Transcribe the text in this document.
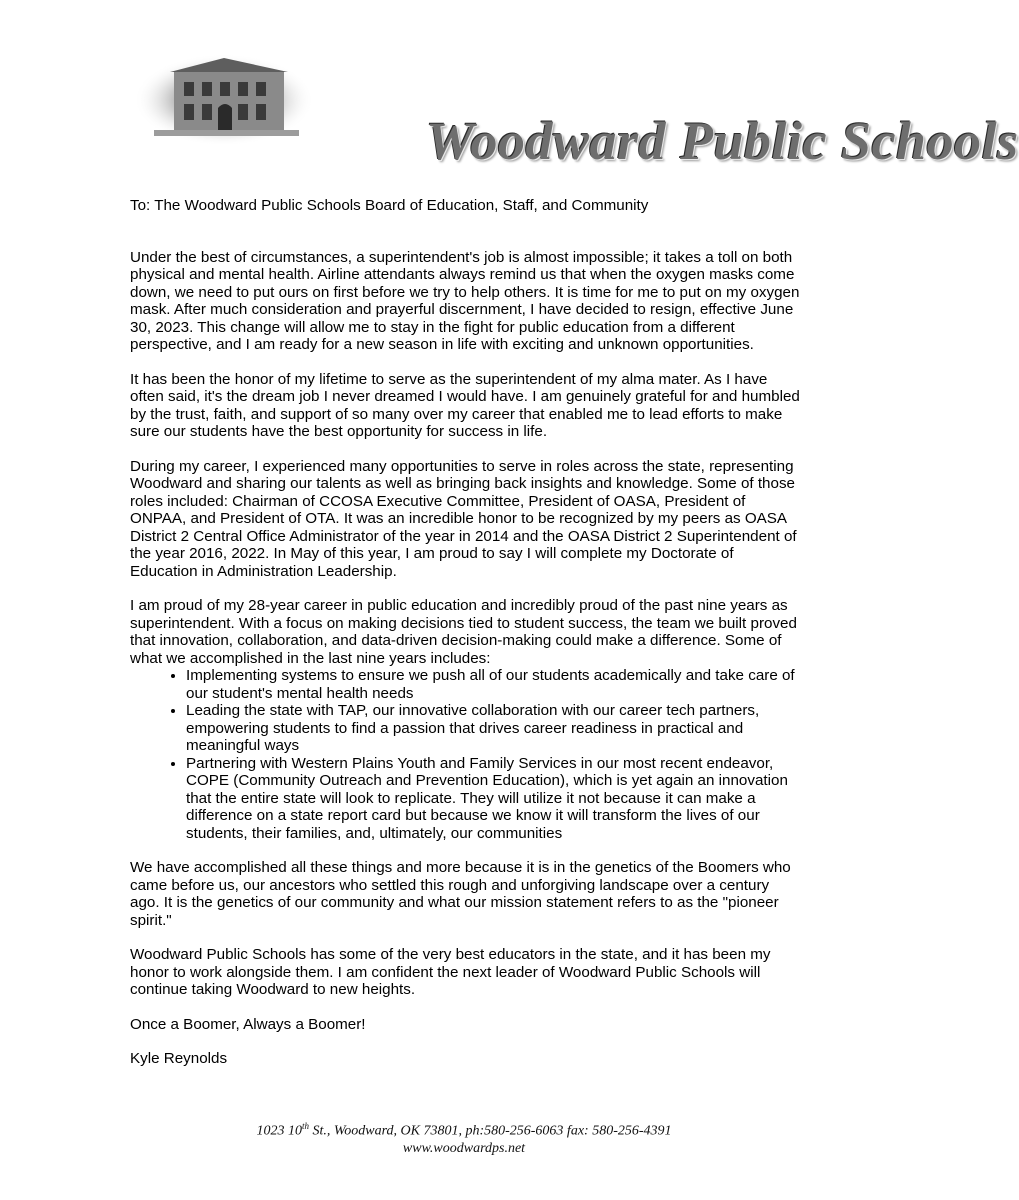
Woodward Public Schools
To: The Woodward Public Schools Board of Education, Staff, and Community

Under the best of circumstances, a superintendent's job is almost impossible; it takes a toll on both physical and mental health. Airline attendants always remind us that when the oxygen masks come down, we need to put ours on first before we try to help others. It is time for me to put on my oxygen mask. After much consideration and prayerful discernment, I have decided to resign, effective June 30, 2023. This change will allow me to stay in the fight for public education from a different perspective, and I am ready for a new season in life with exciting and unknown opportunities.

It has been the honor of my lifetime to serve as the superintendent of my alma mater. As I have often said, it's the dream job I never dreamed I would have. I am genuinely grateful for and humbled by the trust, faith, and support of so many over my career that enabled me to lead efforts to make sure our students have the best opportunity for success in life.

During my career, I experienced many opportunities to serve in roles across the state, representing Woodward and sharing our talents as well as bringing back insights and knowledge. Some of those roles included: Chairman of CCOSA Executive Committee, President of OASA, President of ONPAA, and President of OTA. It was an incredible honor to be recognized by my peers as OASA District 2 Central Office Administrator of the year in 2014 and the OASA District 2 Superintendent of the year 2016, 2022. In May of this year, I am proud to say I will complete my Doctorate of Education in Administration Leadership.

I am proud of my 28-year career in public education and incredibly proud of the past nine years as superintendent. With a focus on making decisions tied to student success, the team we built proved that innovation, collaboration, and data-driven decision-making could make a difference. Some of what we accomplished in the last nine years includes:

• Implementing systems to ensure we push all of our students academically and take care of our student's mental health needs
• Leading the state with TAP, our innovative collaboration with our career tech partners, empowering students to find a passion that drives career readiness in practical and meaningful ways
• Partnering with Western Plains Youth and Family Services in our most recent endeavor, COPE (Community Outreach and Prevention Education), which is yet again an innovation that the entire state will look to replicate. They will utilize it not because it can make a difference on a state report card but because we know it will transform the lives of our students, their families, and, ultimately, our communities

We have accomplished all these things and more because it is in the genetics of the Boomers who came before us, our ancestors who settled this rough and unforgiving landscape over a century ago. It is the genetics of our community and what our mission statement refers to as the "pioneer spirit."

Woodward Public Schools has some of the very best educators in the state, and it has been my honor to work alongside them. I am confident the next leader of Woodward Public Schools will continue taking Woodward to new heights.

Once a Boomer, Always a Boomer!

Kyle Reynolds

1023 10th St., Woodward, OK 73801, ph:580-256-6063 fax: 580-256-4391
www.woodwardps.net
